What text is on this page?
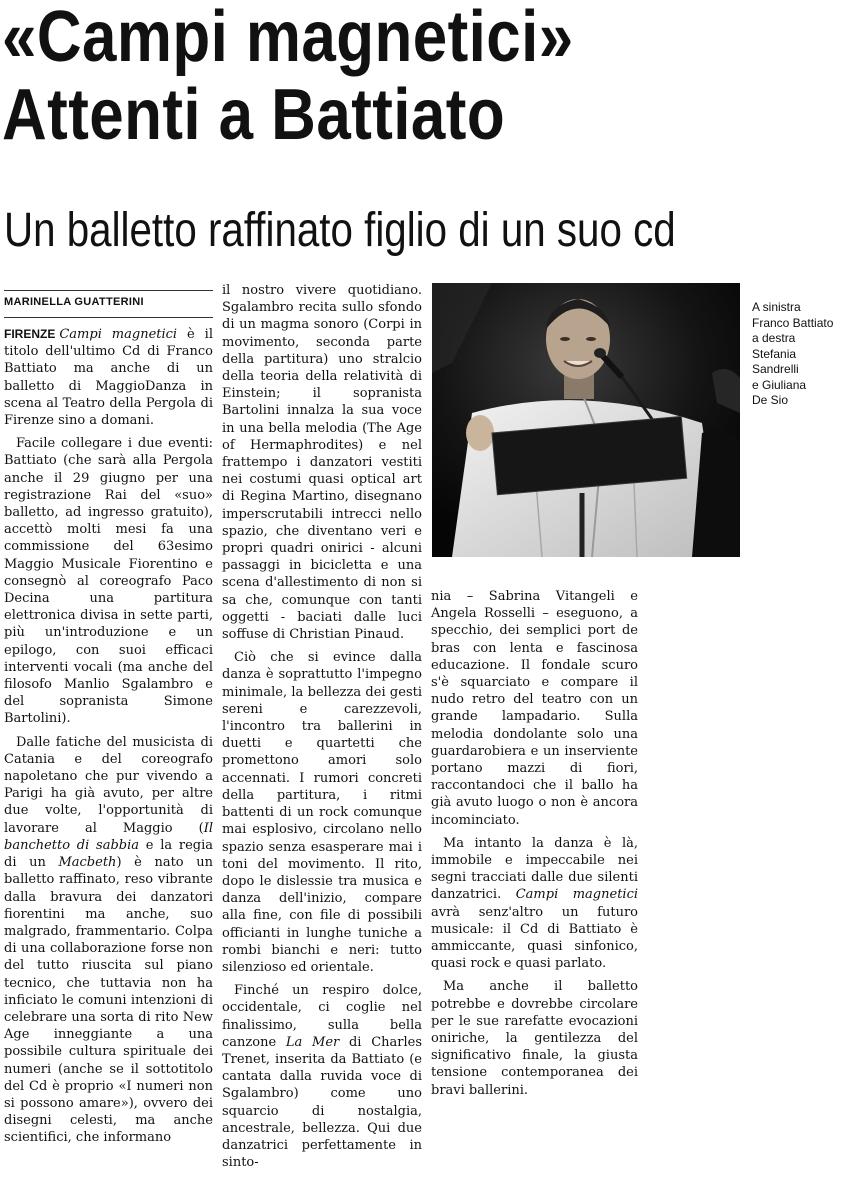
«Campi magnetici»
Attenti a Battiato
Un balletto raffinato figlio di un suo cd
MARINELLA GUATTERINI

FIRENZE Campi magnetici è il titolo dell'ultimo Cd di Franco Battiato ma anche di un balletto di MaggioDanza in scena al Teatro della Pergola di Firenze sino a domani.

Facile collegare i due eventi: Battiato (che sarà alla Pergola anche il 29 giugno per una registrazione Rai del «suo» balletto, ad ingresso gratuito), accettò molti mesi fa una commissione del 63esimo Maggio Musicale Fiorentino e consegnò al coreografo Paco Decina una partitura elettronica divisa in sette parti, più un'introduzione e un epilogo, con suoi efficaci interventi vocali (ma anche del filosofo Manlio Sgalambro e del sopranista Simone Bartolini).

Dalle fatiche del musicista di Catania e del coreografo napoletano che pur vivendo a Parigi ha già avuto, per altre due volte, l'opportunità di lavorare al Maggio (Il banchetto di sabbia e la regia di un Macbeth) è nato un balletto raffinato, reso vibrante dalla bravura dei danzatori fiorentini ma anche, suo malgrado, frammentario. Colpa di una collaborazione forse non del tutto riuscita sul piano tecnico, che tuttavia non ha inficiato le comuni intenzioni di celebrare una sorta di rito New Age inneggiante a una possibile cultura spirituale dei numeri (anche se il sottotitolo del Cd è proprio «I numeri non si possono amare»), ovvero dei disegni celesti, ma anche scientifici, che informano

il nostro vivere quotidiano. Sgalambro recita sullo sfondo di un magma sonoro (Corpi in movimento, seconda parte della partitura) uno stralcio della teoria della relatività di Einstein; il sopranista Bartolini innalza la sua voce in una bella melodia (The Age of Hermaphrodites) e nel frattempo i danzatori vestiti nei costumi quasi optical art di Regina Martino, disegnano imperscrutabili intrecci nello spazio, che diventano veri e propri quadri onirici - alcuni passaggi in bicicletta e una scena d'allestimento di non si sa che, comunque con tanti oggetti - baciati dalle luci soffuse di Christian Pinaud.

Ciò che si evince dalla danza è soprattutto l'impegno minimale, la bellezza dei gesti sereni e carezzevoli, l'incontro tra ballerini in duetti e quartetti che promettono amori solo accennati. I rumori concreti della partitura, i ritmi battenti di un rock comunque mai esplosivo, circolano nello spazio senza esasperare mai i toni del movimento. Il rito, dopo le dislessie tra musica e danza dell'inizio, compare alla fine, con file di possibili officianti in lunghe tuniche a rombi bianchi e neri: tutto silenzioso ed orientale.

Finché un respiro dolce, occidentale, ci coglie nel finalissimo, sulla bella canzone La Mer di Charles Trenet, inserita da Battiato (e cantata dalla ruvida voce di Sgalambro) come uno squarcio di nostalgia, ancestrale, bellezza. Qui due danzatrici perfettamente in sinto-

A sinistra
Franco Battiato
a destra
Stefania
Sandrelli
e Giuliana
De Sio

nia – Sabrina Vitangeli e Angela Rosselli – eseguono, a specchio, dei semplici port de bras con lenta e fascinosa educazione. Il fondale scuro s'è squarciato e compare il nudo retro del teatro con un grande lampadario. Sulla melodia dondolante solo una guardarobiera e un inserviente portano mazzi di fiori, raccontandoci che il ballo ha già avuto luogo o non è ancora incominciato.

Ma intanto la danza è là, immobile e impeccabile nei segni tracciati dalle due silenti danzatrici. Campi magnetici avrà senz'altro un futuro musicale: il Cd di Battiato è ammiccante, quasi sinfonico, quasi rock e quasi parlato.

Ma anche il balletto potrebbe e dovrebbe circolare per le sue rarefatte evocazioni oniriche, la gentilezza del significativo finale, la giusta tensione contemporanea dei bravi ballerini.
